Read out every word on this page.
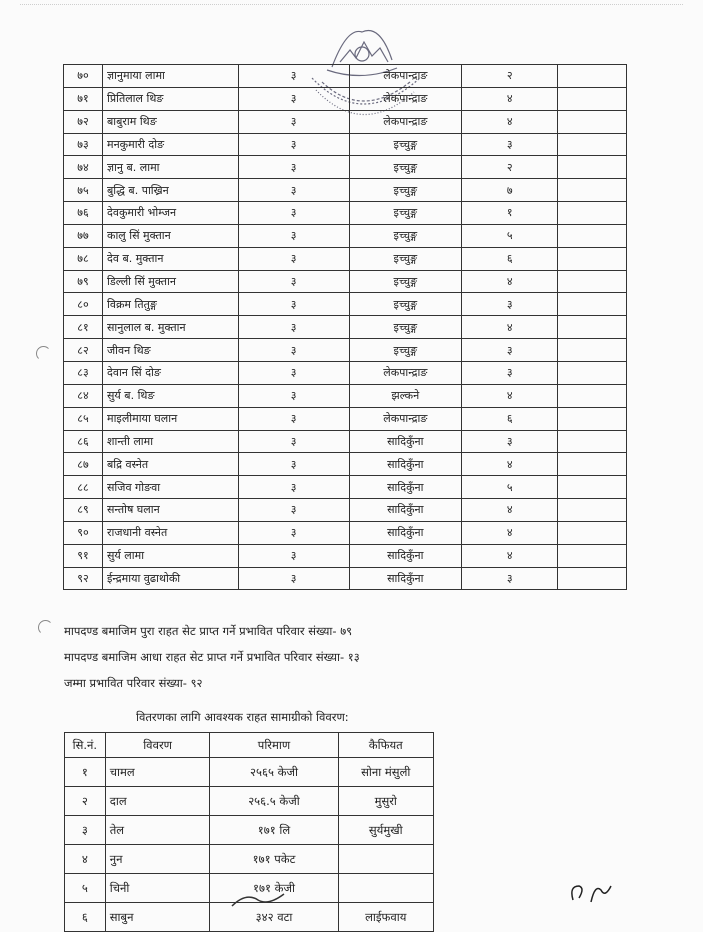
७०	ज्ञानुमाया लामा	३	लेकपान्द्राङ	२	
७१	प्रितिलाल थिङ	३	लेकपान्द्राङ	४	
७२	बाबुराम थिङ	३	लेकपान्द्राङ	४	
७३	मनकुमारी दोङ	३	इच्चुङ्ग	३	
७४	ज्ञानु ब. लामा	३	इच्चुङ्ग	२	
७५	बुद्धि ब. पाख्रिन	३	इच्चुङ्ग	७	
७६	देवकुमारी भोम्जन	३	इच्चुङ्ग	१	
७७	कालु सिं मुक्तान	३	इच्चुङ्ग	५	
७८	देव ब. मुक्तान	३	इच्चुङ्ग	६	
७९	डिल्ली सिं मुक्तान	३	इच्चुङ्ग	४	
८०	विक्रम तितुङ्ग	३	इच्चुङ्ग	३	
८१	सानुलाल ब. मुक्तान	३	इच्चुङ्ग	४	
८२	जीवन थिङ	३	इच्चुङ्ग	३	
८३	देवान सिं दोङ	३	लेकपान्द्राङ	३	
८४	सुर्य ब. थिङ	३	झल्कने	४	
८५	माइलीमाया घलान	३	लेकपान्द्राङ	६	
८६	शान्ती लामा	३	सादिकुँना	३	
८७	बद्रि वस्नेत	३	सादिकुँना	४	
८८	सजिव गोङवा	३	सादिकुँना	५	
८९	सन्तोष घलान	३	सादिकुँना	४	
९०	राजधानी वस्नेत	३	सादिकुँना	४	
९१	सुर्य लामा	३	सादिकुँना	४	
९२	ईन्द्रमाया वुढाथोकी	३	सादिकुँना	३	
मापदण्ड बमाजिम पुरा राहत सेट प्राप्त गर्ने प्रभावित परिवार संख्या- ७९
मापदण्ड बमाजिम आधा राहत सेट प्राप्त गर्ने प्रभावित परिवार संख्या- १३
जम्मा प्रभावित परिवार संख्या- ९२
वितरणका लागि आवश्यक राहत सामाग्रीको विवरण:
सि.नं.	विवरण	परिमाण	कैफियत
१	चामल	२५६५ केजी	सोना मंसुली
२	दाल	२५६.५ केजी	मुसुरो
३	तेल	१७१ लि	सुर्यमुखी
४	नुन	१७१ पकेट	
५	चिनी	१७१ केजी	
६	साबुन	३४२ वटा	लाईफवाय
